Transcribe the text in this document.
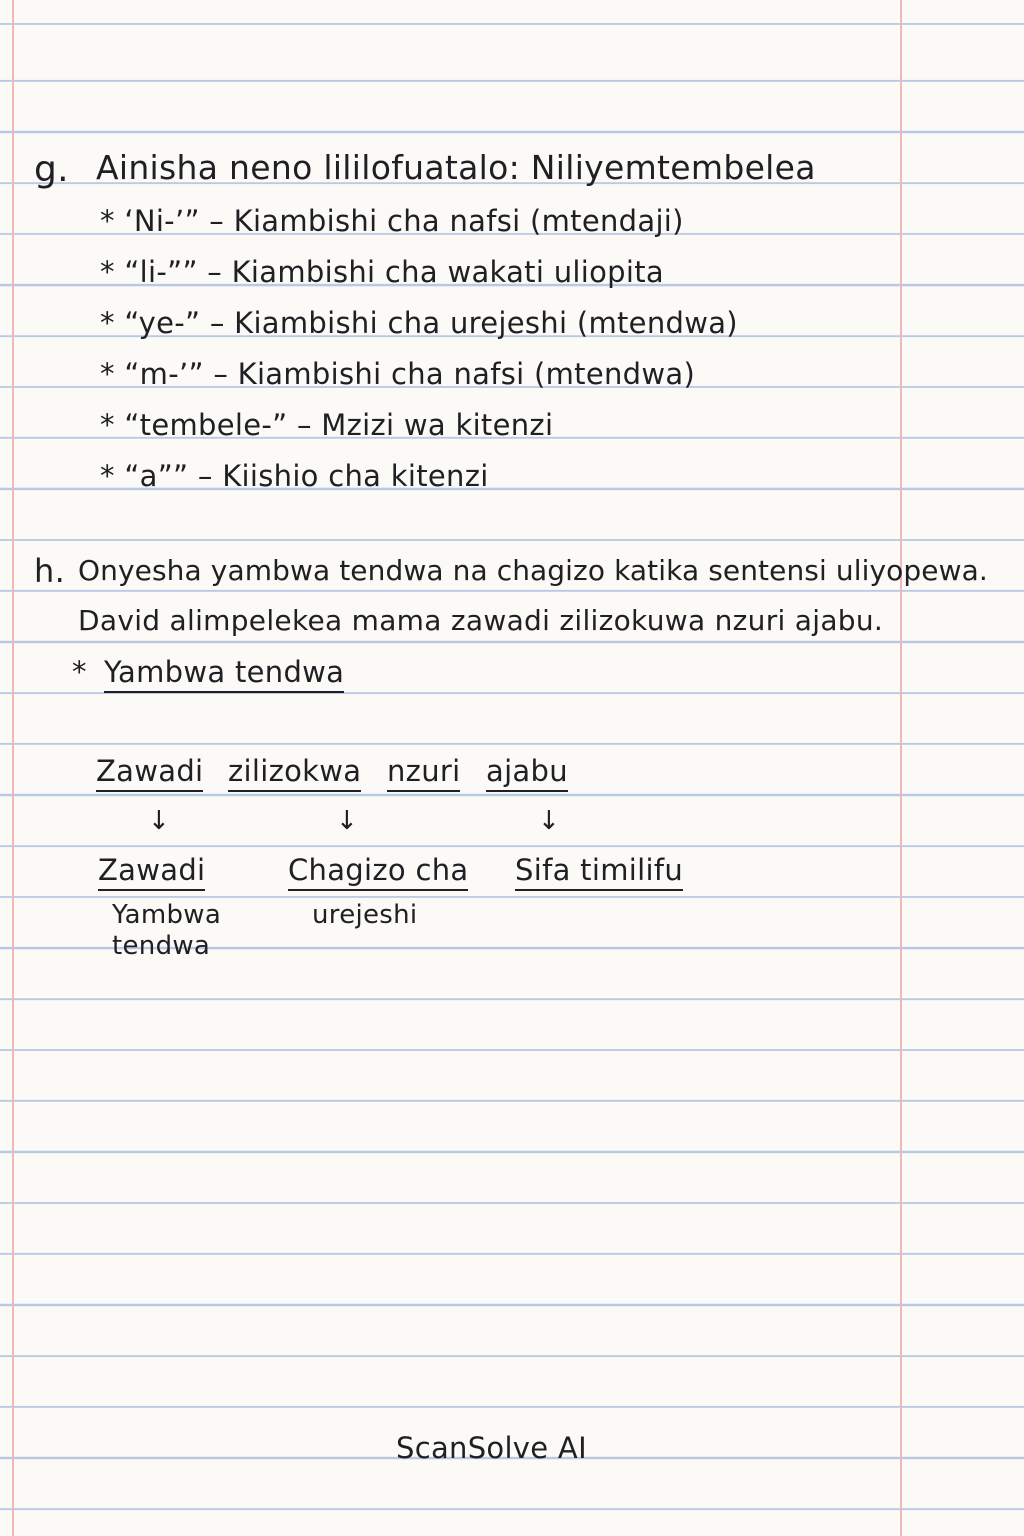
g. Ainisha neno lililofuatalo: Niliyemtembelea
* ‘Ni-’” – Kiambishi cha nafsi (mtendaji)
* “li-”” – Kiambishi cha wakati uliopita
* “ye-” – Kiambishi cha urejeshi (mtendwa)
* “m-’” – Kiambishi cha nafsi (mtendwa)
* “tembele-” – Mzizi wa kitenzi
* “a”” – Kiishio cha kitenzi
h. Onyesha yambwa tendwa na chagizo katika sentensi uliyopewa.
David alimpelekea mama zawadi zilizokuwa nzuri ajabu.
* Yambwa tendwa
Zawadi zilizokwa nzuri ajabu
↓	↓	↓
Zawadi
Yambwa
tendwa
Chagizo cha
urejeshi
Sifa timilifu
ScanSolve AI
